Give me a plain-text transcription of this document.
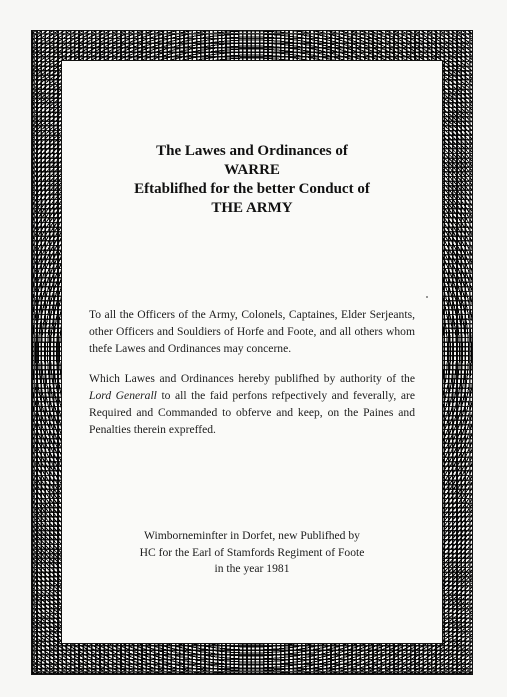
The Lawes and Ordinances of
WARRE
Eftablifhed for the better Conduct of
THE ARMY

To all the Officers of the Army, Colonels, Captaines, Elder Serjeants, other Officers and Souldiers of Horfe and Foote, and all others whom thefe Lawes and Ordinances may concerne.

Which Lawes and Ordinances hereby publifhed by authority of the Lord Generall to all the faid perfons refpectively and feverally, are Required and Commanded to obferve and keep, on the Paines and Penalties therein expreffed.

Wimborneminfter in Dorfet, new Publifhed by
HC for the Earl of Stamfords Regiment of Foote
in the year 1981
